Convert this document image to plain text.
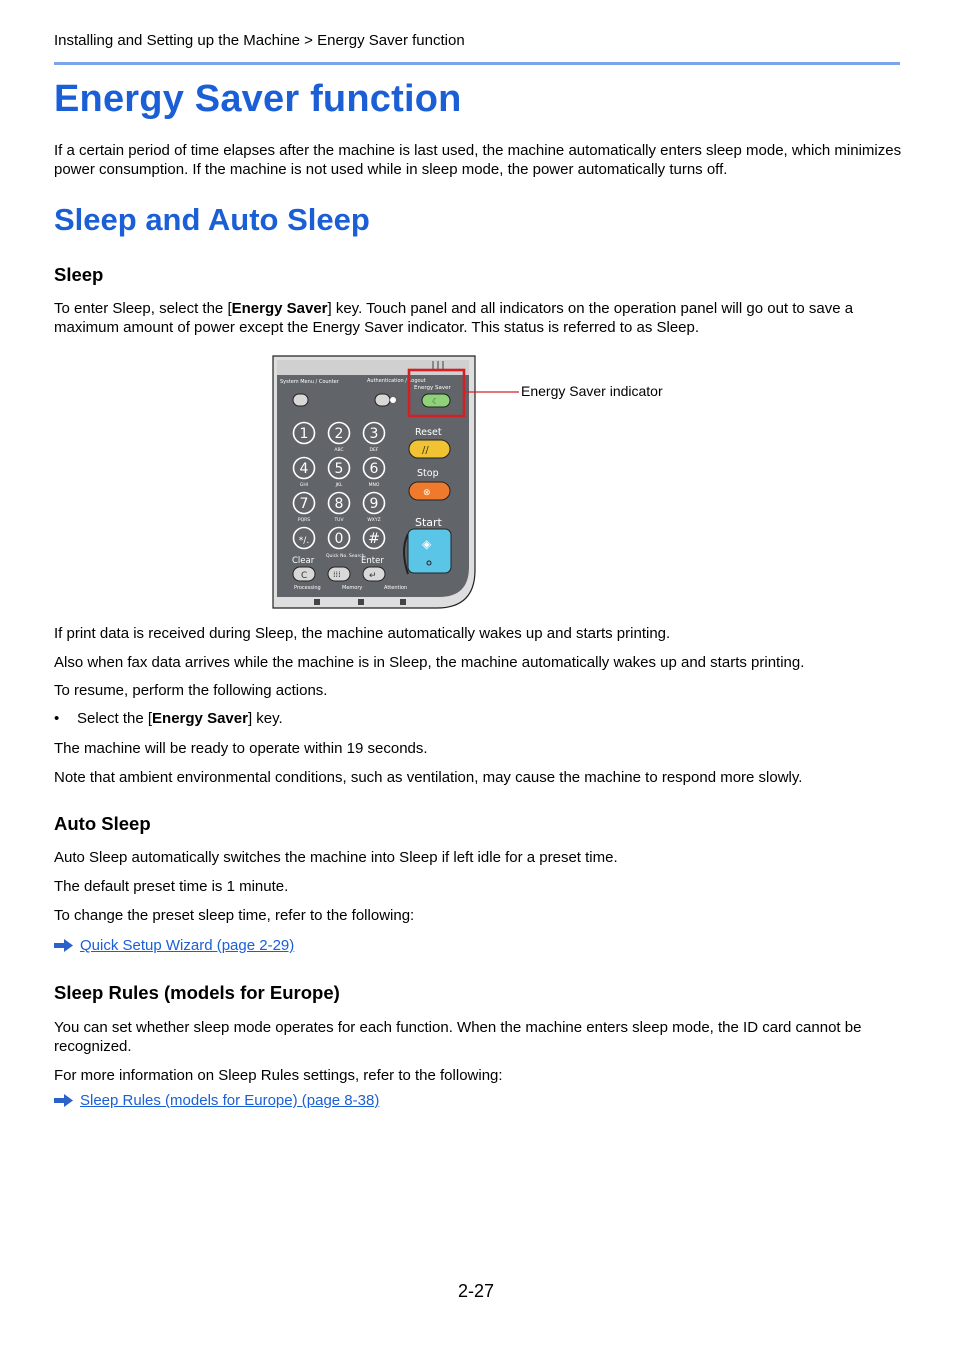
Installing and Setting up the Machine > Energy Saver function
Energy Saver function
If a certain period of time elapses after the machine is last used, the machine automatically enters sleep mode, which minimizes power consumption. If the machine is not used while in sleep mode, the power automatically turns off.
Sleep and Auto Sleep
Sleep
To enter Sleep, select the [Energy Saver] key. Touch panel and all indicators on the operation panel will go out to save a maximum amount of power except the Energy Saver indicator. This status is referred to as Sleep.
System Menu / Counter	Authentication / Logout
Energy Saver
☾
1 2 3
4 5 6
7 8 9
*/. 0 #
ABC	DEF
GHI	JKL	MNO
PQRS	TUV	WXYZ
Reset
//
Stop
⊗
Start
◈
Clear	Quick No. Search
Enter
C	⁞⁞⁞	↵
Processing	Memory	Attention
Energy Saver indicator
If print data is received during Sleep, the machine automatically wakes up and starts printing.
Also when fax data arrives while the machine is in Sleep, the machine automatically wakes up and starts printing.
To resume, perform the following actions.
• Select the [Energy Saver] key.
The machine will be ready to operate within 19 seconds.
Note that ambient environmental conditions, such as ventilation, may cause the machine to respond more slowly.
Auto Sleep
Auto Sleep automatically switches the machine into Sleep if left idle for a preset time.
The default preset time is 1 minute.
To change the preset sleep time, refer to the following:
Quick Setup Wizard (page 2-29)
Sleep Rules (models for Europe)
You can set whether sleep mode operates for each function. When the machine enters sleep mode, the ID card cannot be recognized.
For more information on Sleep Rules settings, refer to the following:
Sleep Rules (models for Europe) (page 8-38)
2-27
